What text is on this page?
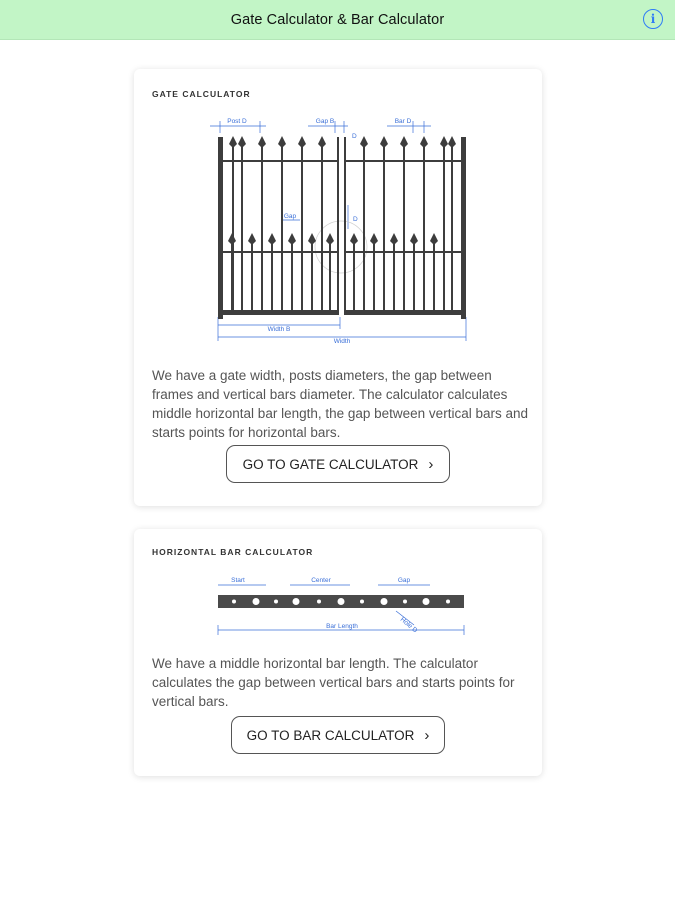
Gate Calculator & Bar Calculator	i
GATE CALCULATOR
Post D	Gap B	Bar D
D
Gap	D
Width B
Width
We have a gate width, posts diameters, the gap between frames and vertical bars diameter. The calculator calculates middle horizontal bar length, the gap between vertical bars and starts points for horizontal bars.
GO TO GATE CALCULATOR ›
HORIZONTAL BAR CALCULATOR
Start	Center	Gap
Hole D
Bar Length
We have a middle horizontal bar length. The calculator calculates the gap between vertical bars and starts points for vertical bars.
GO TO BAR CALCULATOR ›
